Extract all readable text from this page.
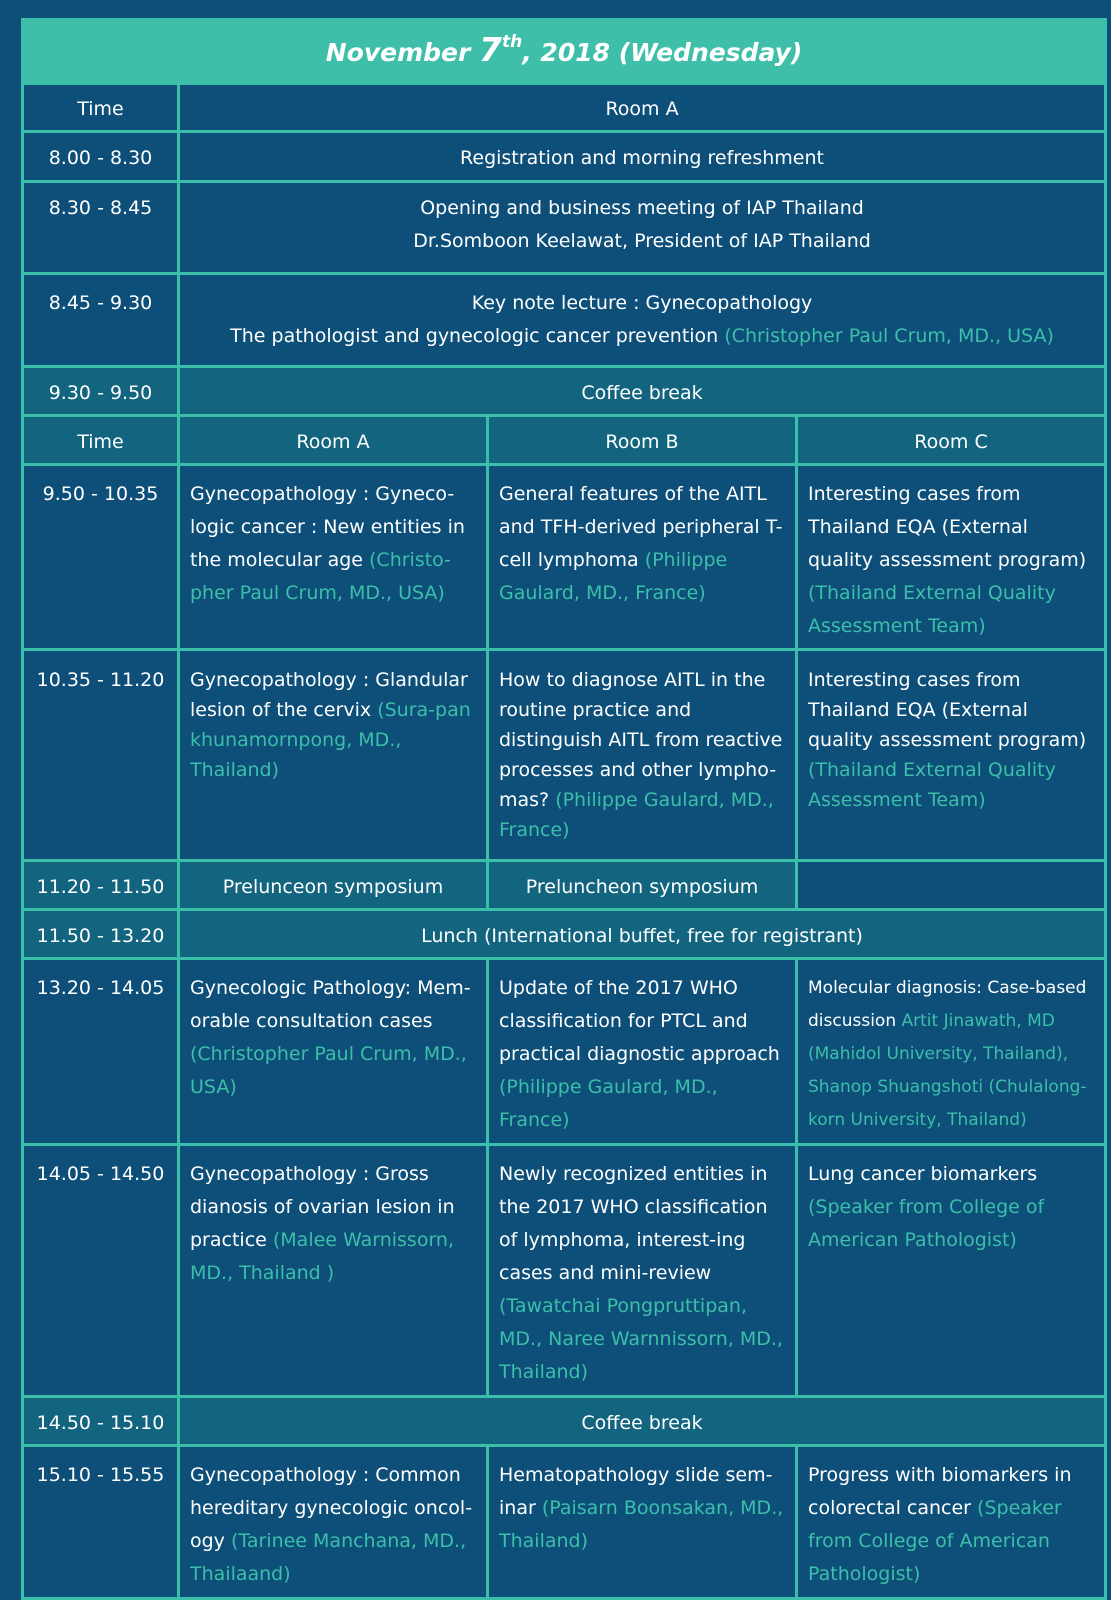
November 7th, 2018 (Wednesday)			
Time	Room A		
8.00 - 8.30	Registration and morning refreshment		
8.30 - 8.45	Opening and business meeting of IAP Thailand
Dr.Somboon Keelawat, President of IAP Thailand		

8.45 - 9.30	Key note lecture : Gynecopathology
The pathologist and gynecologic cancer prevention (Christopher Paul Crum, MD., USA)		

9.30 - 9.50	Coffee break		
Time	Room A	Room B	Room C
9.50 - 10.35	Gynecopathology : Gyneco-logic cancer : New entities in the molecular age (Christo-pher Paul Crum, MD., USA)	General features of the AITL and TFH-derived peripheral T-cell lymphoma (Philippe Gaulard, MD., France)	Interesting cases from Thailand EQA (External quality assessment program) (Thailand External Quality Assessment Team)
10.35 - 11.20	Gynecopathology : Glandular lesion of the cervix (Sura-pan khunamornpong, MD., Thailand)	How to diagnose AITL in the routine practice and distinguish AITL from reactive processes and other lympho-mas? (Philippe Gaulard, MD., France)	Interesting cases from Thailand EQA (External quality assessment program) (Thailand External Quality Assessment Team)
11.20 - 11.50	Prelunceon symposium	Preluncheon symposium	
11.50 - 13.20	Lunch (International buffet, free for registrant)		
13.20 - 14.05	Gynecologic Pathology: Mem-orable consultation cases (Christopher Paul Crum, MD., USA)	Update of the 2017 WHO classification for PTCL and practical diagnostic approach (Philippe Gaulard, MD., France)	Molecular diagnosis: Case-based discussion Artit Jinawath, MD (Mahidol University, Thailand), Shanop Shuangshoti (Chulalong-korn University, Thailand)
14.05 - 14.50	Gynecopathology : Gross dianosis of ovarian lesion in practice (Malee Warnissorn, MD., Thailand )	Newly recognized entities in the 2017 WHO classification of lymphoma, interest-ing cases and mini-review (Tawatchai Pongpruttipan, MD., Naree Warnnissorn, MD., Thailand)	Lung cancer biomarkers (Speaker from College of American Pathologist)
14.50 - 15.10	Coffee break		
15.10 - 15.55	Gynecopathology : Common hereditary gynecologic oncol-ogy (Tarinee Manchana, MD., Thailaand)	Hematopathology slide sem-inar (Paisarn Boonsakan, MD., Thailand)	Progress with biomarkers in colorectal cancer (Speaker from College of American Pathologist)
